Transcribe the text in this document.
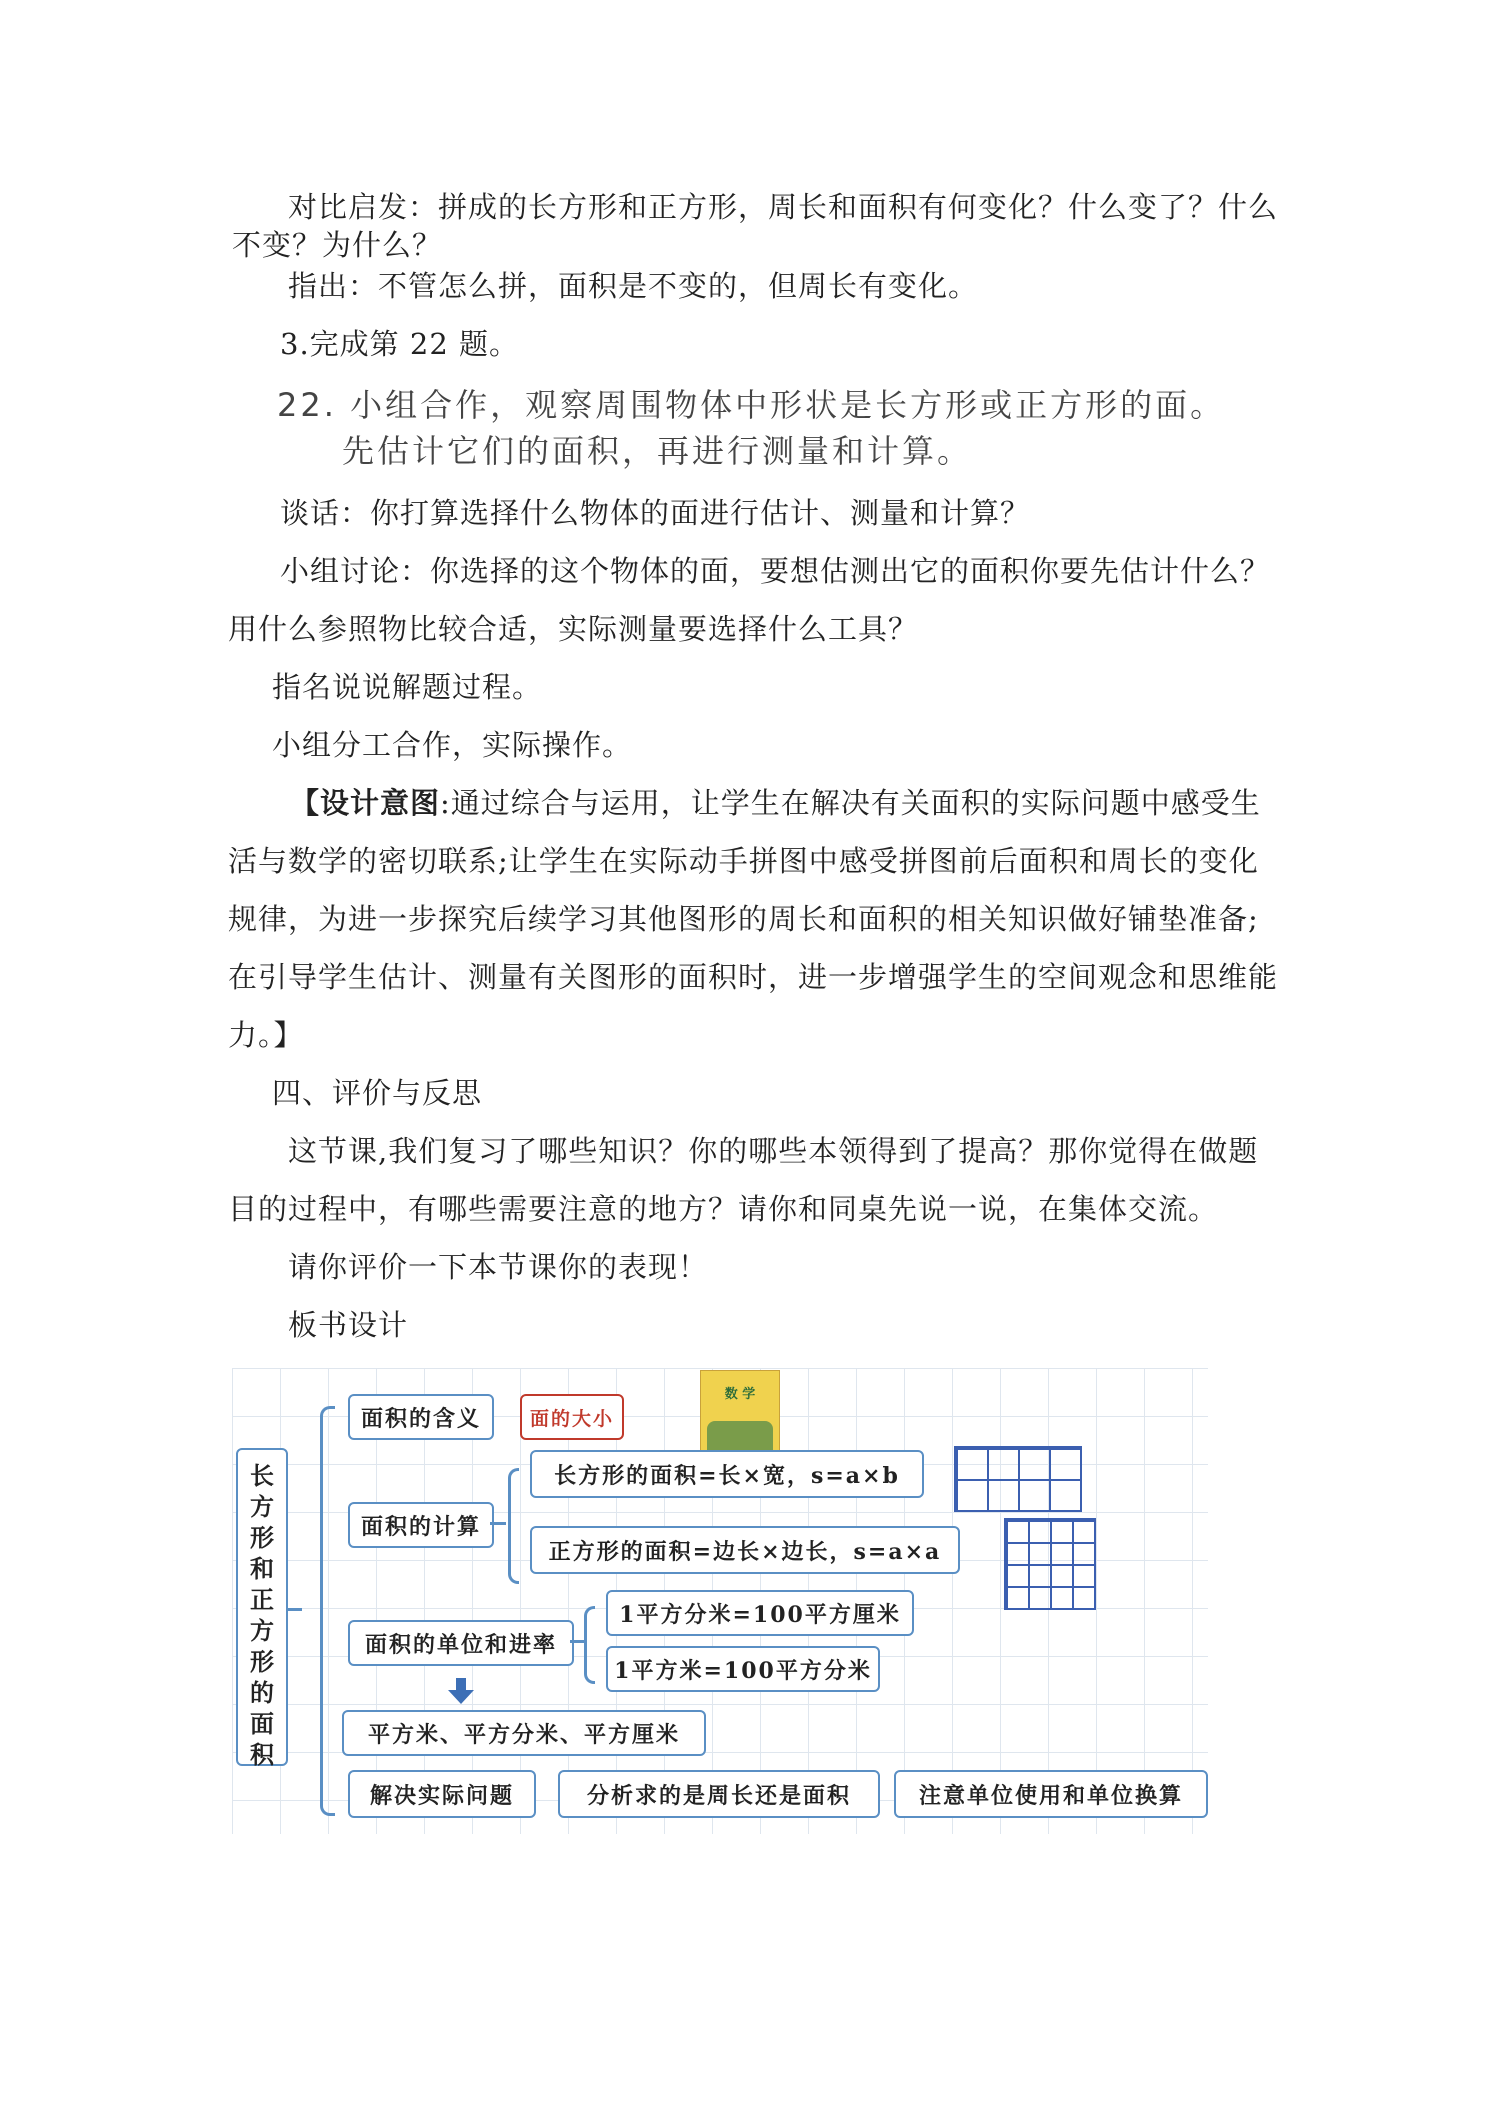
对比启发：拼成的长方形和正方形，周长和面积有何变化？什么变了？什么
不变？为什么？
指出：不管怎么拼，面积是不变的，但周长有变化。
3.完成第 22 题。
22. 小组合作，观察周围物体中形状是长方形或正方形的面。
先估计它们的面积，再进行测量和计算。
谈话：你打算选择什么物体的面进行估计、测量和计算？
小组讨论：你选择的这个物体的面，要想估测出它的面积你要先估计什么？
用什么参照物比较合适，实际测量要选择什么工具？
指名说说解题过程。
小组分工合作，实际操作。
【设计意图:通过综合与运用，让学生在解决有关面积的实际问题中感受生
活与数学的密切联系;让学生在实际动手拼图中感受拼图前后面积和周长的变化
规律，为进一步探究后续学习其他图形的周长和面积的相关知识做好铺垫准备;
在引导学生估计、测量有关图形的面积时，进一步增强学生的空间观念和思维能
力。】
四、评价与反思
这节课,我们复习了哪些知识？你的哪些本领得到了提高？那你觉得在做题
目的过程中，有哪些需要注意的地方？请你和同桌先说一说，在集体交流。
请你评价一下本节课你的表现！
板书设计
长
方
形
和
正
方
形
的
面
积
面积的含义	面的大小
数 学
面积的计算
长方形的面积=长×宽，s=a×b
正方形的面积=边长×边长，s=a×a
面积的单位和进率
1平方分米=100平方厘米
1平方米=100平方分米
平方米、平方分米、平方厘米
解决实际问题	分析求的是周长还是面积	注意单位使用和单位换算
